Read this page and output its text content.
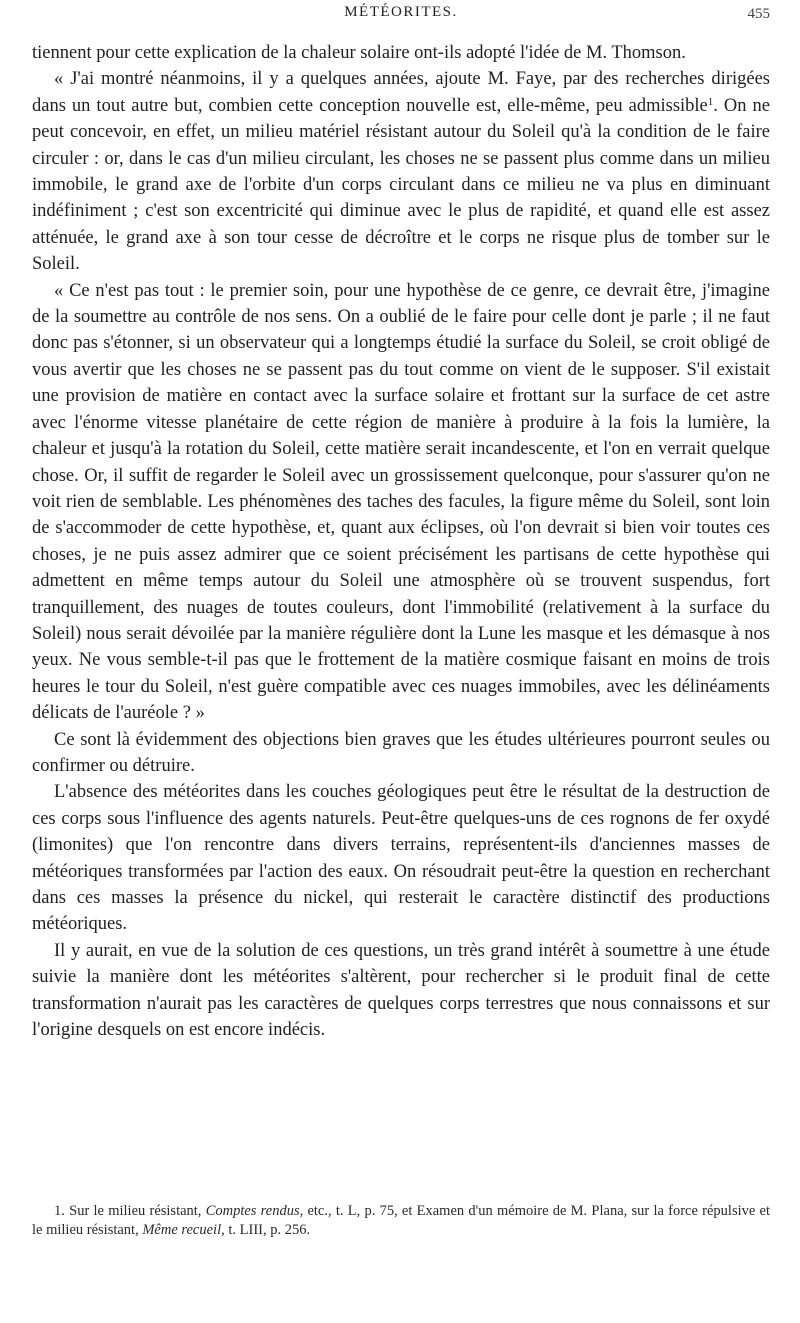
MÉTÉORITES.	455

tiennent pour cette explication de la chaleur solaire ont-ils adopté l'idée de M. Thomson.

« J'ai montré néanmoins, il y a quelques années, ajoute M. Faye, par des recherches dirigées dans un tout autre but, combien cette conception nouvelle est, elle-même, peu admissible$^1$. On ne peut concevoir, en effet, un milieu matériel résistant autour du Soleil qu'à la condition de le faire circuler : or, dans le cas d'un milieu circulant, les choses ne se passent plus comme dans un milieu immobile, le grand axe de l'orbite d'un corps circulant dans ce milieu ne va plus en diminuant indéfiniment ; c'est son excentricité qui diminue avec le plus de rapidité, et quand elle est assez atténuée, le grand axe à son tour cesse de décroître et le corps ne risque plus de tomber sur le Soleil.

« Ce n'est pas tout : le premier soin, pour une hypothèse de ce genre, ce devrait être, j'imagine de la soumettre au contrôle de nos sens. On a oublié de le faire pour celle dont je parle ; il ne faut donc pas s'étonner, si un observateur qui a longtemps étudié la surface du Soleil, se croit obligé de vous avertir que les choses ne se passent pas du tout comme on vient de le supposer. S'il existait une provision de matière en contact avec la surface solaire et frottant sur la surface de cet astre avec l'énorme vitesse planétaire de cette région de manière à produire à la fois la lumière, la chaleur et jusqu'à la rotation du Soleil, cette matière serait incandescente, et l'on en verrait quelque chose. Or, il suffit de regarder le Soleil avec un grossissement quelconque, pour s'assurer qu'on ne voit rien de semblable. Les phénomènes des taches des facules, la figure même du Soleil, sont loin de s'accommoder de cette hypothèse, et, quant aux éclipses, où l'on devrait si bien voir toutes ces choses, je ne puis assez admirer que ce soient précisément les partisans de cette hypothèse qui admettent en même temps autour du Soleil une atmosphère où se trouvent suspendus, fort tranquillement, des nuages de toutes couleurs, dont l'immobilité (relativement à la surface du Soleil) nous serait dévoilée par la manière régulière dont la Lune les masque et les démasque à nos yeux. Ne vous semble-t-il pas que le frottement de la matière cosmique faisant en moins de trois heures le tour du Soleil, n'est guère compatible avec ces nuages immobiles, avec les délinéaments délicats de l'auréole ? »

Ce sont là évidemment des objections bien graves que les études ultérieures pourront seules ou confirmer ou détruire.

L'absence des météorites dans les couches géologiques peut être le résultat de la destruction de ces corps sous l'influence des agents naturels. Peut-être quelques-uns de ces rognons de fer oxydé (limonites) que l'on rencontre dans divers terrains, représentent-ils d'anciennes masses de météoriques transformées par l'action des eaux. On résoudrait peut-être la question en recherchant dans ces masses la présence du nickel, qui resterait le caractère distinctif des productions météoriques.

Il y aurait, en vue de la solution de ces questions, un très grand intérêt à soumettre à une étude suivie la manière dont les météorites s'altèrent, pour rechercher si le produit final de cette transformation n'aurait pas les caractères de quelques corps terrestres que nous connaissons et sur l'origine desquels on est encore indécis.

1. Sur le milieu résistant, Comptes rendus, etc., t. L, p. 75, et Examen d'un mémoire de M. Plana, sur la force répulsive et le milieu résistant, Même recueil, t. LIII, p. 256.
